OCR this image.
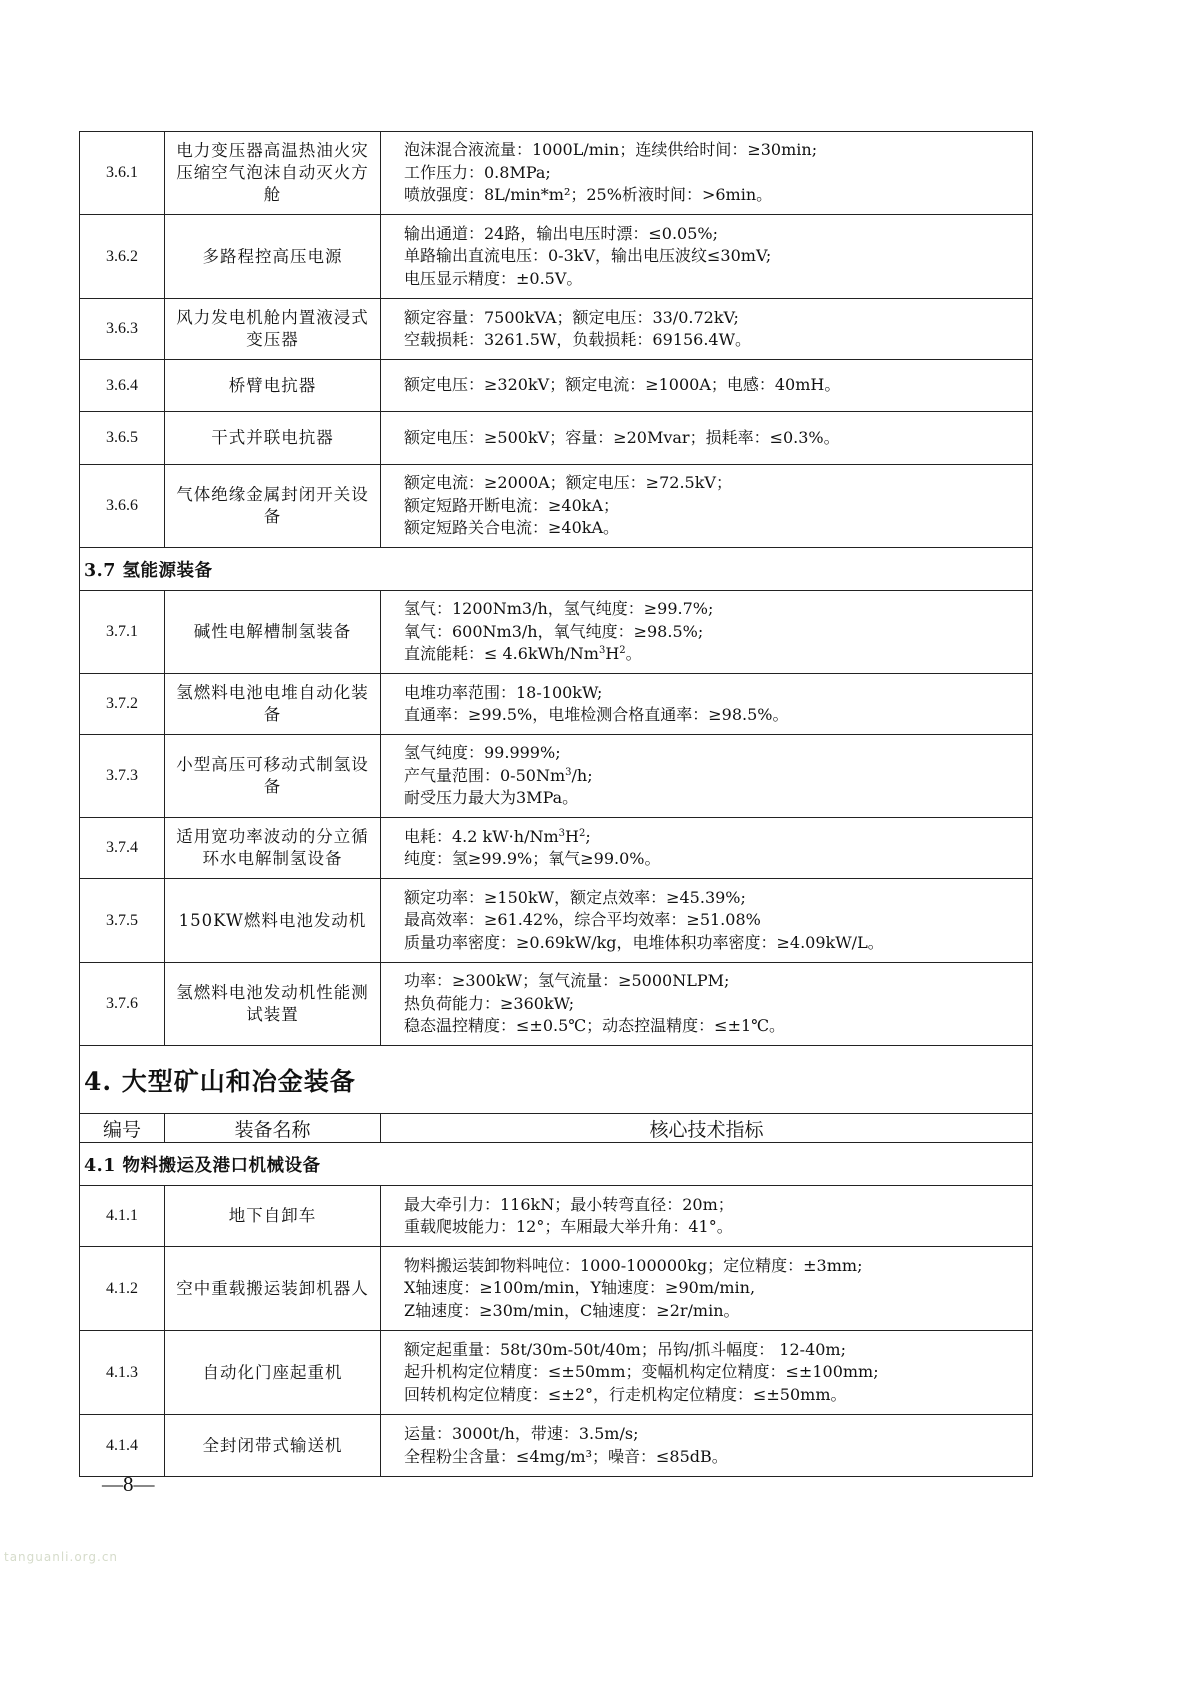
3.6.1	电力变压器高温热油火灾压缩空气泡沫自动灭火方舱	泡沫混合液流量：1000L/min；连续供给时间：≥30min;
工作压力：0.8MPa;
喷放强度：8L/min*m²；25%析液时间：>6min。

3.6.2	多路程控高压电源	输出通道：24路，输出电压时漂：≤0.05%;
单路输出直流电压：0-3kV，输出电压波纹≤30mV;
电压显示精度：±0.5V。

3.6.3	风力发电机舱内置液浸式变压器	额定容量：7500kVA；额定电压：33/0.72kV;
空载损耗：3261.5W，负载损耗：69156.4W。

3.6.4	桥臂电抗器	额定电压：≥320kV；额定电流：≥1000A；电感：40mH。

3.6.5	干式并联电抗器	额定电压：≥500kV；容量：≥20Mvar；损耗率：≤0.3%。

3.6.6	气体绝缘金属封闭开关设备	额定电流：≥2000A；额定电压：≥72.5kV；
额定短路开断电流：≥40kA；
额定短路关合电流：≥40kA。

3.7 氢能源装备		
3.7.1	碱性电解槽制氢装备	氢气：1200Nm3/h，氢气纯度：≥99.7%;
氧气：600Nm3/h，氧气纯度：≥98.5%;
直流能耗：≤ $4.6kWh/Nm^3H^2$。

3.7.2	氢燃料电池电堆自动化装备	电堆功率范围：18-100kW;
直通率：≥99.5%，电堆检测合格直通率：≥98.5%。

3.7.3	小型高压可移动式制氢设备	氢气纯度：99.999%;
产气量范围：0-50Nm$^3$/h;
耐受压力最大为3MPa。

3.7.4	适用宽功率波动的分立循环水电解制氢设备	电耗：4.2 $kW\cdot h/Nm^3H^2$;
纯度：氢≥99.9%；氧气≥99.0%。

3.7.5	150KW燃料电池发动机	额定功率：≥150kW，额定点效率：≥45.39%;
最高效率：≥61.42%，综合平均效率：≥51.08%
质量功率密度：≥0.69kW/kg，电堆体积功率密度：≥4.09kW/L。

3.7.6	氢燃料电池发动机性能测试装置	功率：≥300kW；氢气流量：≥5000NLPM;
热负荷能力：≥360kW;
稳态温控精度：≤±0.5℃；动态控温精度：≤±1℃。

4. 大型矿山和冶金装备		
编号	装备名称	核心技术指标
4.1 物料搬运及港口机械设备		
4.1.1	地下自卸车	最大牵引力：116kN；最小转弯直径：20m；
重载爬坡能力：12°；车厢最大举升角：41°。

4.1.2	空中重载搬运装卸机器人	物料搬运装卸物料吨位：1000-100000kg；定位精度：±3mm;
X轴速度：≥100m/min，Y轴速度：≥90m/min,
Z轴速度：≥30m/min，C轴速度：≥2r/min。

4.1.3	自动化门座起重机	额定起重量：58t/30m-50t/40m；吊钩/抓斗幅度： 12-40m;
起升机构定位精度：≤±50mm；变幅机构定位精度：≤±100mm;
回转机构定位精度：≤±2°，行走机构定位精度：≤±50mm。

4.1.4	全封闭带式输送机	运量：3000t/h，带速：3.5m/s;
全程粉尘含量：≤4mg/m³；噪音：≤85dB。
—8—
tanguanli.org.cn
